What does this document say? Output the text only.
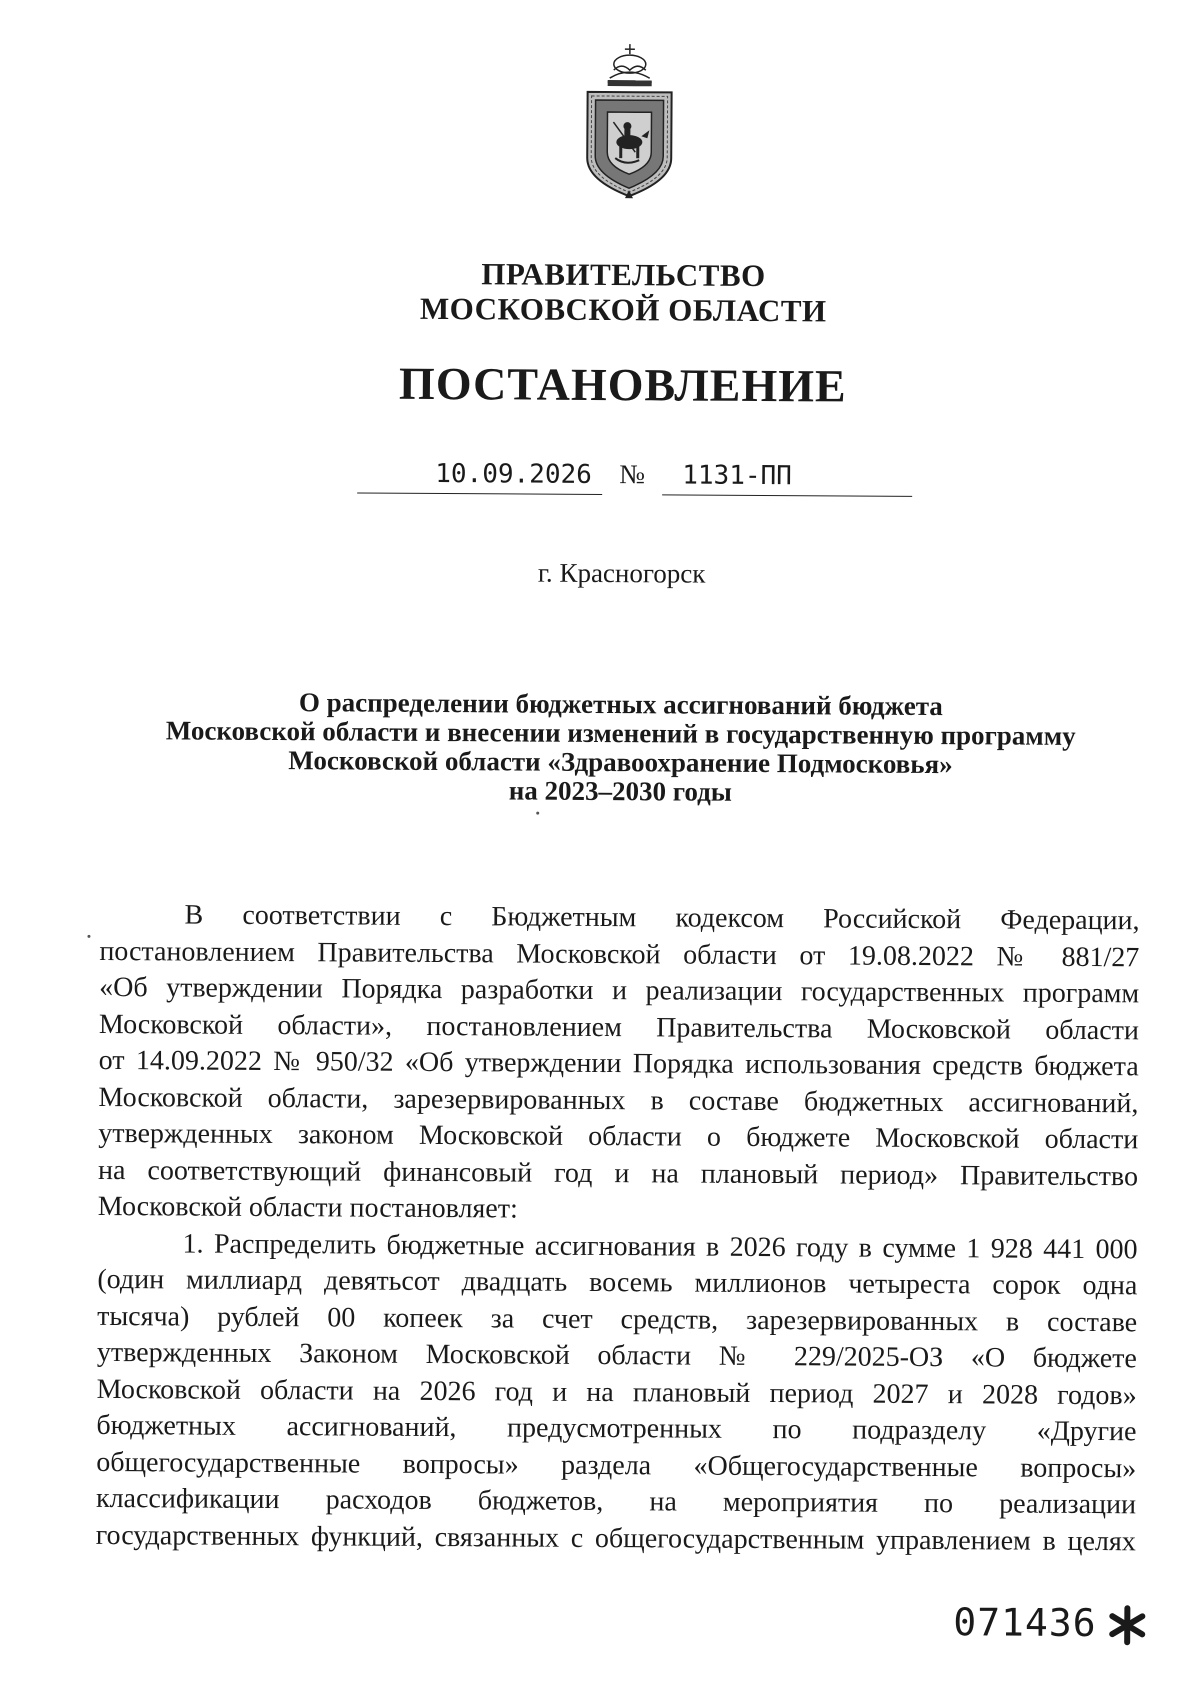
ПРАВИТЕЛЬСТВО
МОСКОВСКОЙ ОБЛАСТИ
ПОСТАНОВЛЕНИЕ
10.09.2026 № 1131-ПП
г. Красногорск
О распределении бюджетных ассигнований бюджета
Московской области и внесении изменений в государственную программу
Московской области «Здравоохранение Подмосковья»
на 2023–2030 годы
В соответствии с Бюджетным кодексом Российской Федерации,
постановлением Правительства Московской области от 19.08.2022 № 881/27
«Об утверждении Порядка разработки и реализации государственных программ
Московской области», постановлением Правительства Московской области
от 14.09.2022 № 950/32 «Об утверждении Порядка использования средств бюджета
Московской области, зарезервированных в составе бюджетных ассигнований,
утвержденных законом Московской области о бюджете Московской области
на соответствующий финансовый год и на плановый период» Правительство
Московской области постановляет:
1. Распределить бюджетные ассигнования в 2026 году в сумме 1 928 441 000
(один миллиард девятьсот двадцать восемь миллионов четыреста сорок одна
тысяча) рублей 00 копеек за счет средств, зарезервированных в составе
утвержденных Законом Московской области № 229/2025-ОЗ «О бюджете
Московской области на 2026 год и на плановый период 2027 и 2028 годов»
бюджетных ассигнований, предусмотренных по подразделу «Другие
общегосударственные вопросы» раздела «Общегосударственные вопросы»
классификации расходов бюджетов, на мероприятия по реализации
государственных функций, связанных с общегосударственным управлением в целях
071436
